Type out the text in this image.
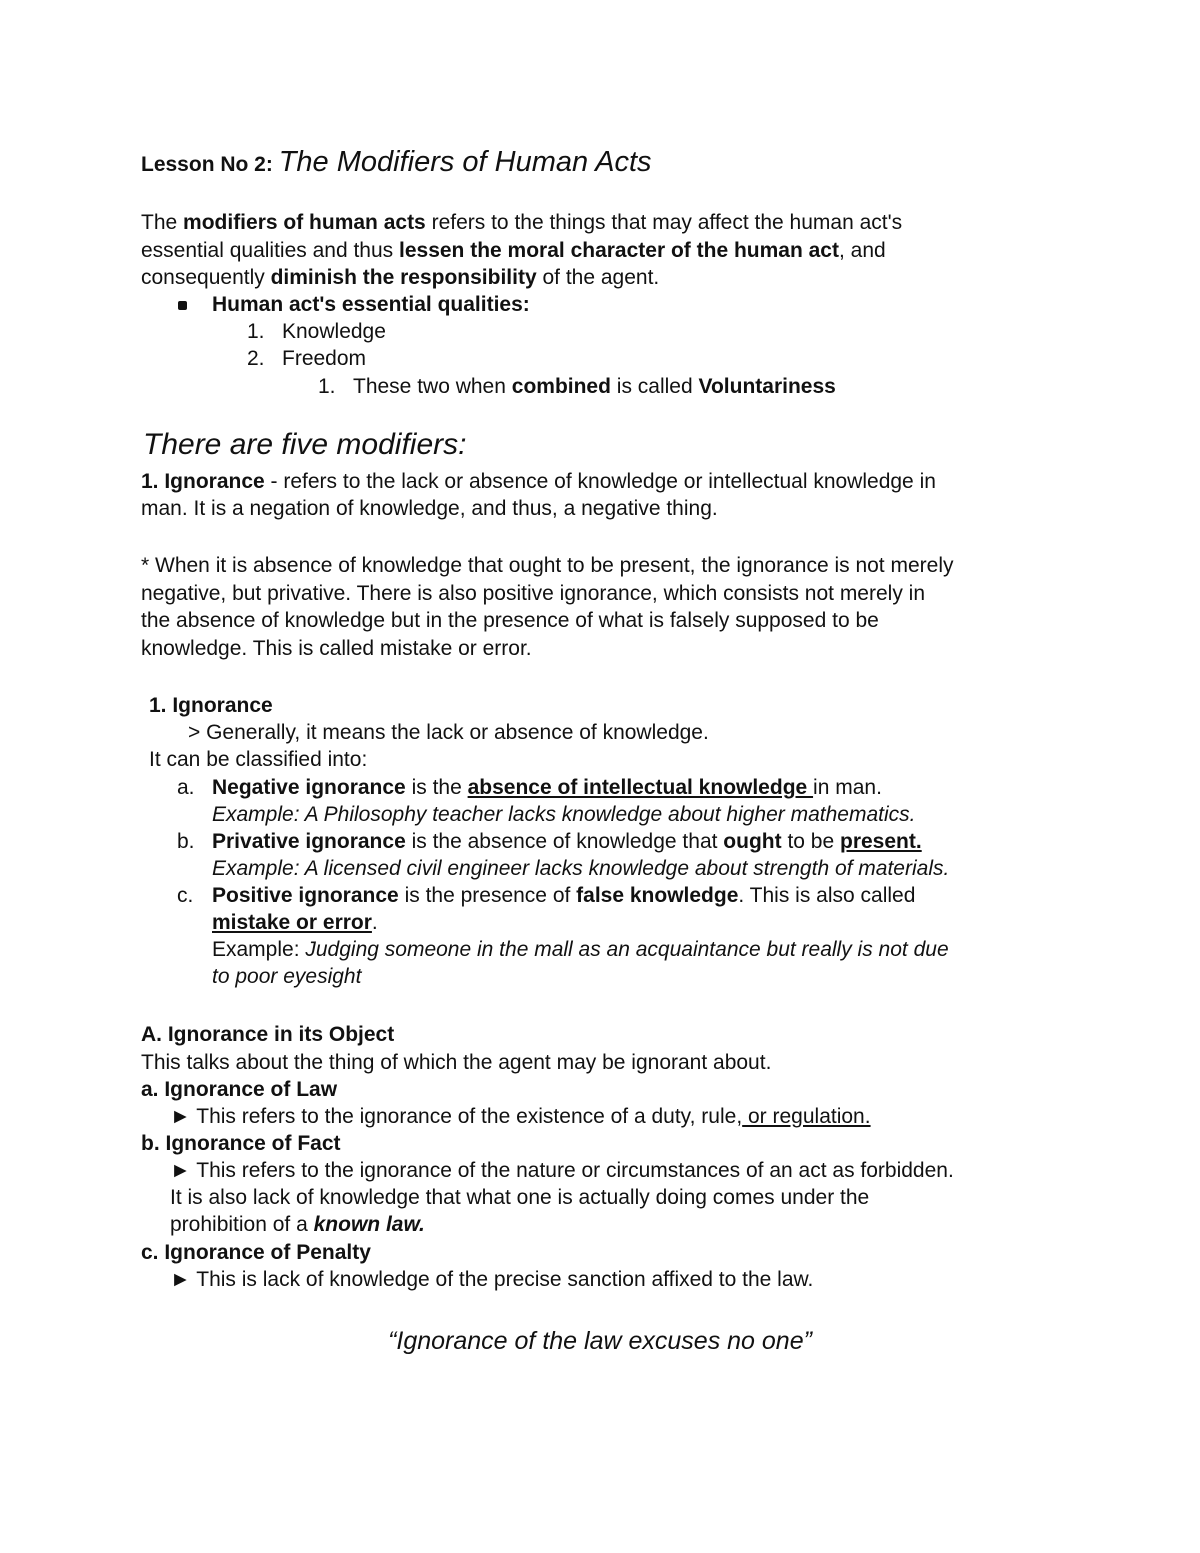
Lesson No 2: The Modifiers of Human Acts
The modifiers of human acts refers to the things that may affect the human act's
essential qualities and thus lessen the moral character of the human act, and
consequently diminish the responsibility of the agent.
Human act's essential qualities:
1. Knowledge
2. Freedom
1. These two when combined is called Voluntariness
There are five modifiers:
1. Ignorance - refers to the lack or absence of knowledge or intellectual knowledge in
man. It is a negation of knowledge, and thus, a negative thing.
* When it is absence of knowledge that ought to be present, the ignorance is not merely
negative, but privative. There is also positive ignorance, which consists not merely in
the absence of knowledge but in the presence of what is falsely supposed to be
knowledge. This is called mistake or error.
1. Ignorance
> Generally, it means the lack or absence of knowledge.
It can be classified into:
a. Negative ignorance is the absence of intellectual knowledge in man.
Example: A Philosophy teacher lacks knowledge about higher mathematics.
b. Privative ignorance is the absence of knowledge that ought to be present.
Example: A licensed civil engineer lacks knowledge about strength of materials.
c. Positive ignorance is the presence of false knowledge. This is also called
mistake or error.
Example: Judging someone in the mall as an acquaintance but really is not due
to poor eyesight
A. Ignorance in its Object
This talks about the thing of which the agent may be ignorant about.
a. Ignorance of Law
► This refers to the ignorance of the existence of a duty, rule, or regulation.
b. Ignorance of Fact
► This refers to the ignorance of the nature or circumstances of an act as forbidden.
It is also lack of knowledge that what one is actually doing comes under the
prohibition of a known law.
c. Ignorance of Penalty
► This is lack of knowledge of the precise sanction affixed to the law.
“Ignorance of the law excuses no one”
